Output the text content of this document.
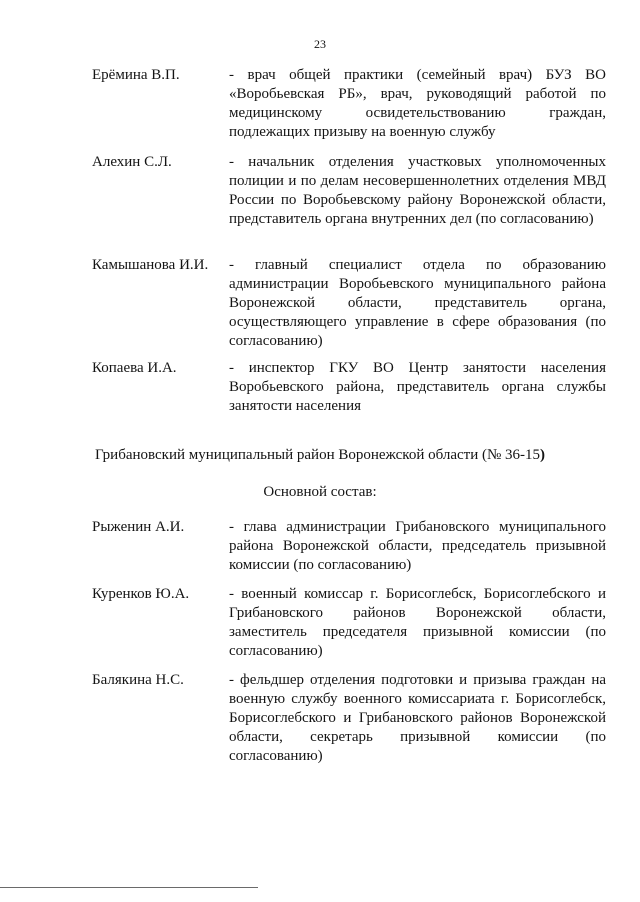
23
Ерёмина В.П.	- врач общей практики (семейный врач) БУЗ ВО «Воробьевская РБ», врач, руководящий работой по медицинскому освидетельствованию граждан, подлежащих призыву на военную службу
Алехин С.Л.	- начальник отделения участковых уполномоченных полиции и по делам несовершеннолетних отделения МВД России по Воробьевскому району Воронежской области, представитель органа внутренних дел (по согласованию)
Камышанова И.И. - главный специалист отдела по образованию администрации Воробьевского муниципального района Воронежской области, представитель органа, осуществляющего управление в сфере образования (по согласованию)
Копаева И.А.	- инспектор ГКУ ВО Центр занятости населения Воробьевского района, представитель органа службы занятости населения
Грибановский муниципальный район Воронежской области (№ 36-15)
Основной состав:
Рыженин А.И.	- глава администрации Грибановского муниципального района Воронежской области, председатель призывной комиссии (по согласованию)
Куренков Ю.А.	- военный комиссар г. Борисоглебск, Борисоглебского и Грибановского районов Воронежской области, заместитель председателя призывной комиссии (по согласованию)
Балякина Н.С.	- фельдшер отделения подготовки и призыва граждан на военную службу военного комиссариата г. Борисоглебск, Борисоглебского и Грибановского районов Воронежской области, секретарь призывной комиссии (по согласованию)
